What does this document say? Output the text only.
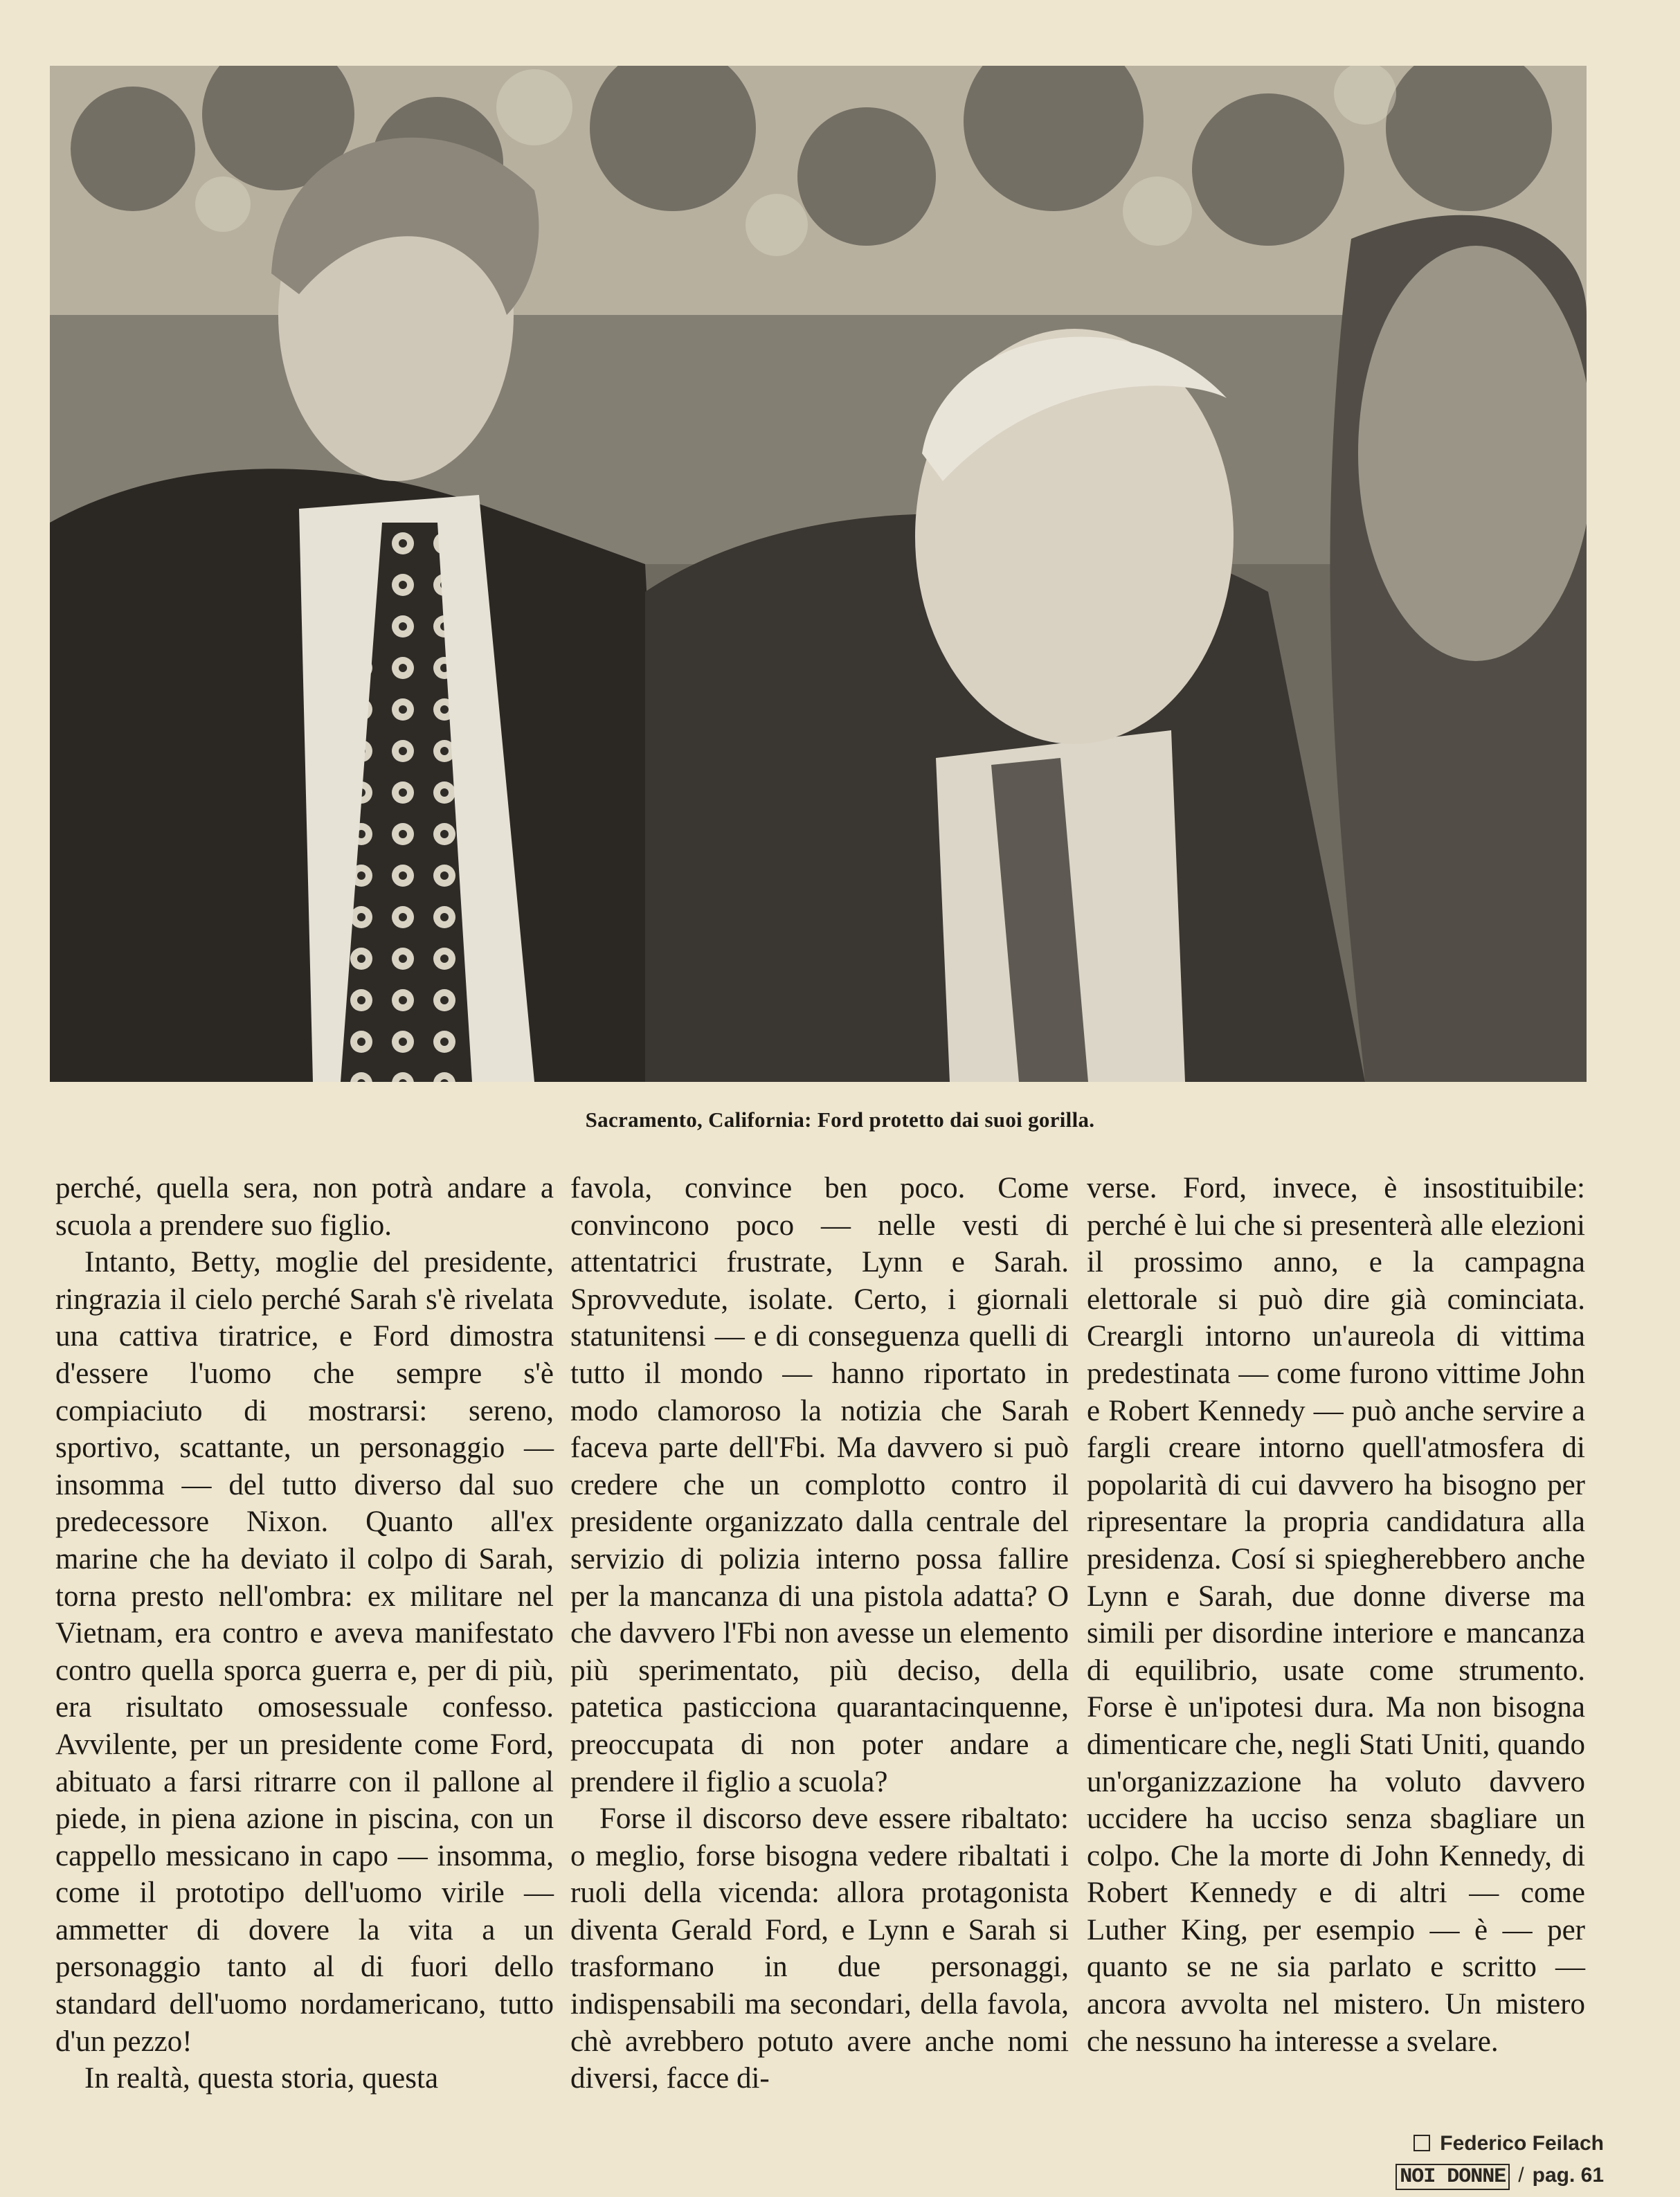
Sacramento, California: Ford protetto dai suoi gorilla.

perché, quella sera, non potrà andare a scuola a prendere suo figlio.

Intanto, Betty, moglie del presidente, ringrazia il cielo perché Sarah s'è rivelata una cattiva tiratrice, e Ford dimostra d'essere l'uomo che sempre s'è compiaciuto di mostrarsi: sereno, sportivo, scattante, un personaggio — insomma — del tutto diverso dal suo predecessore Nixon. Quanto all'ex marine che ha deviato il colpo di Sarah, torna presto nell'ombra: ex militare nel Vietnam, era contro e aveva manifestato contro quella sporca guerra e, per di più, era risultato omosessuale confesso. Avvilente, per un presidente come Ford, abituato a farsi ritrarre con il pallone al piede, in piena azione in piscina, con un cappello messicano in capo — insomma, come il prototipo dell'uomo virile — ammetter di dovere la vita a un personaggio tanto al di fuori dello standard dell'uomo nordamericano, tutto d'un pezzo!

In realtà, questa storia, questa

favola, convince ben poco. Come convincono poco — nelle vesti di attentatrici frustrate, Lynn e Sarah. Sprovvedute, isolate. Certo, i giornali statunitensi — e di conseguenza quelli di tutto il mondo — hanno riportato in modo clamoroso la notizia che Sarah faceva parte dell'Fbi. Ma davvero si può credere che un complotto contro il presidente organizzato dalla centrale del servizio di polizia interno possa fallire per la mancanza di una pistola adatta? O che davvero l'Fbi non avesse un elemento più sperimentato, più deciso, della patetica pasticciona quarantacinquenne, preoccupata di non poter andare a prendere il figlio a scuola?

Forse il discorso deve essere ribaltato: o meglio, forse bisogna vedere ribaltati i ruoli della vicenda: allora protagonista diventa Gerald Ford, e Lynn e Sarah si trasformano in due personaggi, indispensabili ma secondari, della favola, chè avrebbero potuto avere anche nomi diversi, facce di-

verse. Ford, invece, è insostituibile: perché è lui che si presenterà alle elezioni il prossimo anno, e la campagna elettorale si può dire già cominciata. Creargli intorno un'aureola di vittima predestinata — come furono vittime John e Robert Kennedy — può anche servire a fargli creare intorno quell'atmosfera di popolarità di cui davvero ha bisogno per ripresentare la propria candidatura alla presidenza. Cosí si spiegherebbero anche Lynn e Sarah, due donne diverse ma simili per disordine interiore e mancanza di equilibrio, usate come strumento. Forse è un'ipotesi dura. Ma non bisogna dimenticare che, negli Stati Uniti, quando un'organizzazione ha voluto davvero uccidere ha ucciso senza sbagliare un colpo. Che la morte di John Kennedy, di Robert Kennedy e di altri — come Luther King, per esempio — è — per quanto se ne sia parlato e scritto — ancora avvolta nel mistero. Un mistero che nessuno ha interesse a svelare.

Federico Feilach
NOI DONNE / pag. 61
